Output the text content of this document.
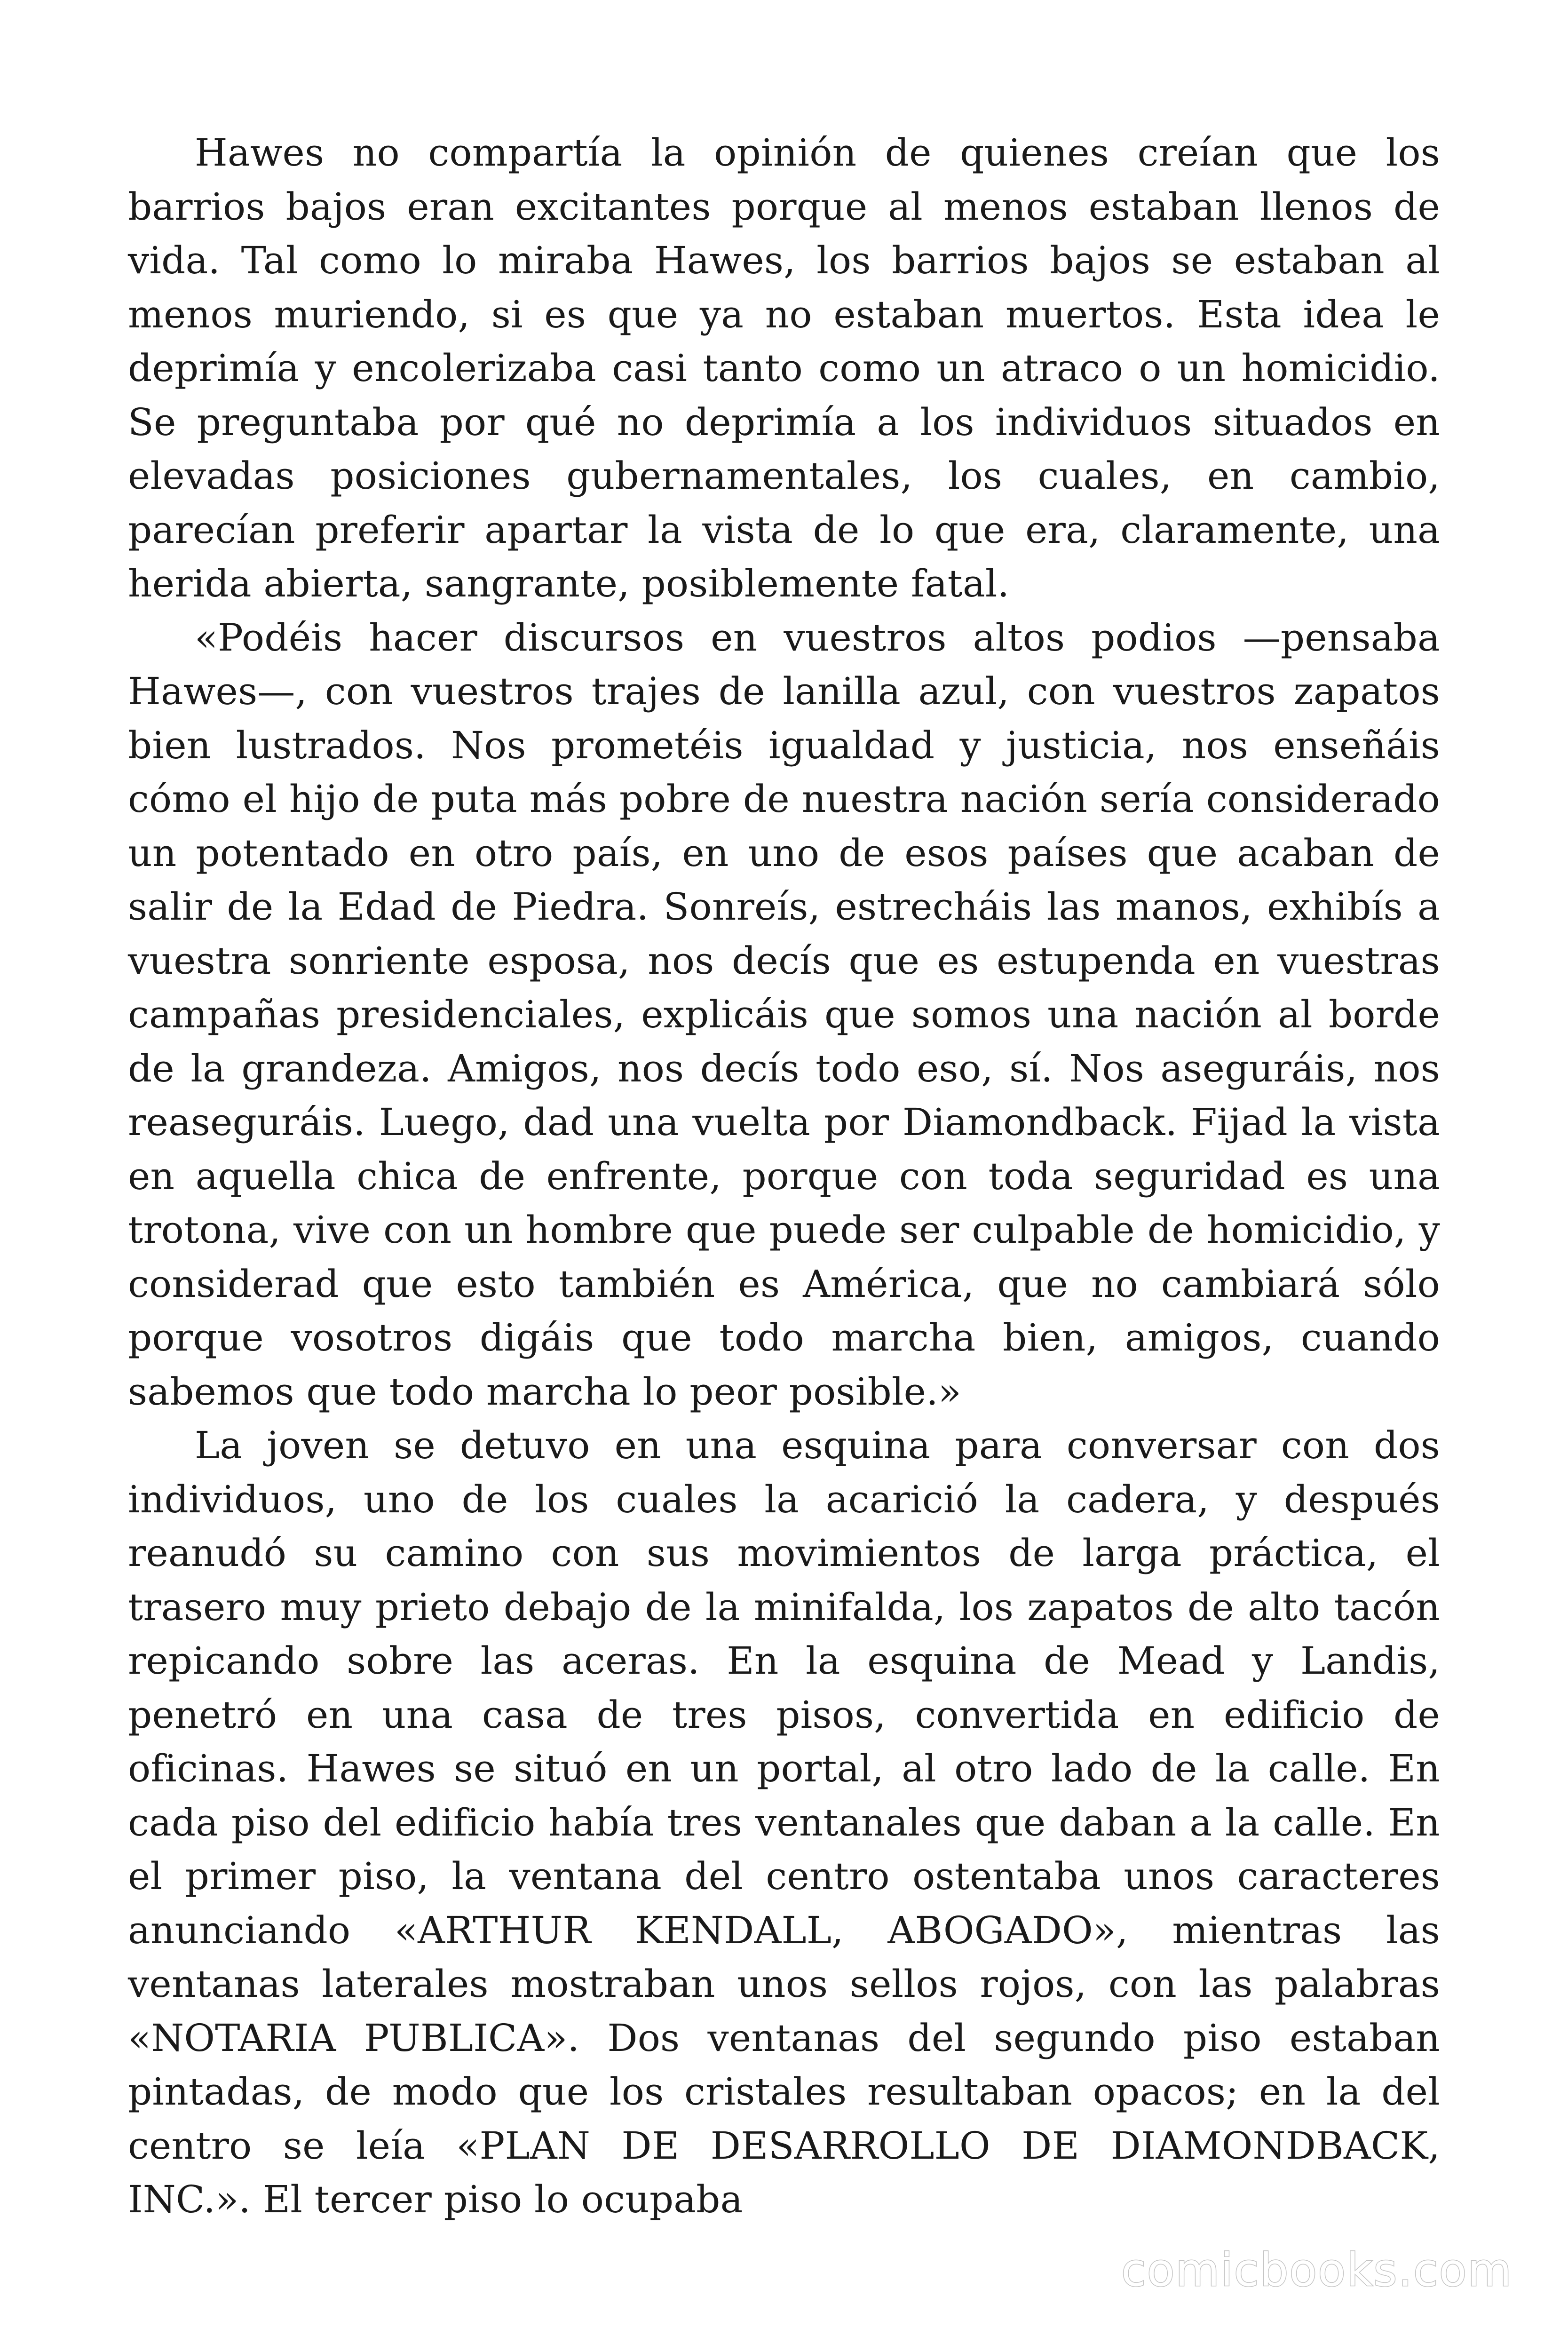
Hawes no compartía la opinión de quienes creían que los barrios bajos eran excitantes porque al menos estaban llenos de vida. Tal como lo miraba Hawes, los barrios bajos se estaban al menos muriendo, si es que ya no estaban muertos. Esta idea le deprimía y encolerizaba casi tanto como un atraco o un homicidio. Se preguntaba por qué no deprimía a los individuos situados en elevadas posiciones gubernamentales, los cuales, en cambio, parecían preferir apartar la vista de lo que era, claramente, una herida abierta, sangrante, posiblemente fatal.

«Podéis hacer discursos en vuestros altos podios —pensaba Hawes—, con vuestros trajes de lanilla azul, con vuestros zapatos bien lustrados. Nos prometéis igualdad y justicia, nos enseñáis cómo el hijo de puta más pobre de nuestra nación sería considerado un potentado en otro país, en uno de esos países que acaban de salir de la Edad de Piedra. Sonreís, estrecháis las manos, exhibís a vuestra sonriente esposa, nos decís que es estupenda en vuestras campañas presidenciales, explicáis que somos una nación al borde de la grandeza. Amigos, nos decís todo eso, sí. Nos aseguráis, nos reaseguráis. Luego, dad una vuelta por Diamondback. Fijad la vista en aquella chica de enfrente, porque con toda seguridad es una trotona, vive con un hombre que puede ser culpable de homicidio, y considerad que esto también es América, que no cambiará sólo porque vosotros digáis que todo marcha bien, amigos, cuando sabemos que todo marcha lo peor posible.»

La joven se detuvo en una esquina para conversar con dos individuos, uno de los cuales la acarició la cadera, y después reanudó su camino con sus movimientos de larga práctica, el trasero muy prieto debajo de la minifalda, los zapatos de alto tacón repicando sobre las aceras. En la esquina de Mead y Landis, penetró en una casa de tres pisos, convertida en edificio de oficinas. Hawes se situó en un portal, al otro lado de la calle. En cada piso del edificio había tres ventanales que daban a la calle. En el primer piso, la ventana del centro ostentaba unos caracteres anunciando «ARTHUR KENDALL, ABOGADO», mientras las ventanas laterales mostraban unos sellos rojos, con las palabras «NOTARIA PUBLICA». Dos ventanas del segundo piso estaban pintadas, de modo que los cristales resultaban opacos; en la del centro se leía «PLAN DE DESARROLLO DE DIAMONDBACK, INC.». El tercer piso lo ocupaba

comicbooks.com
